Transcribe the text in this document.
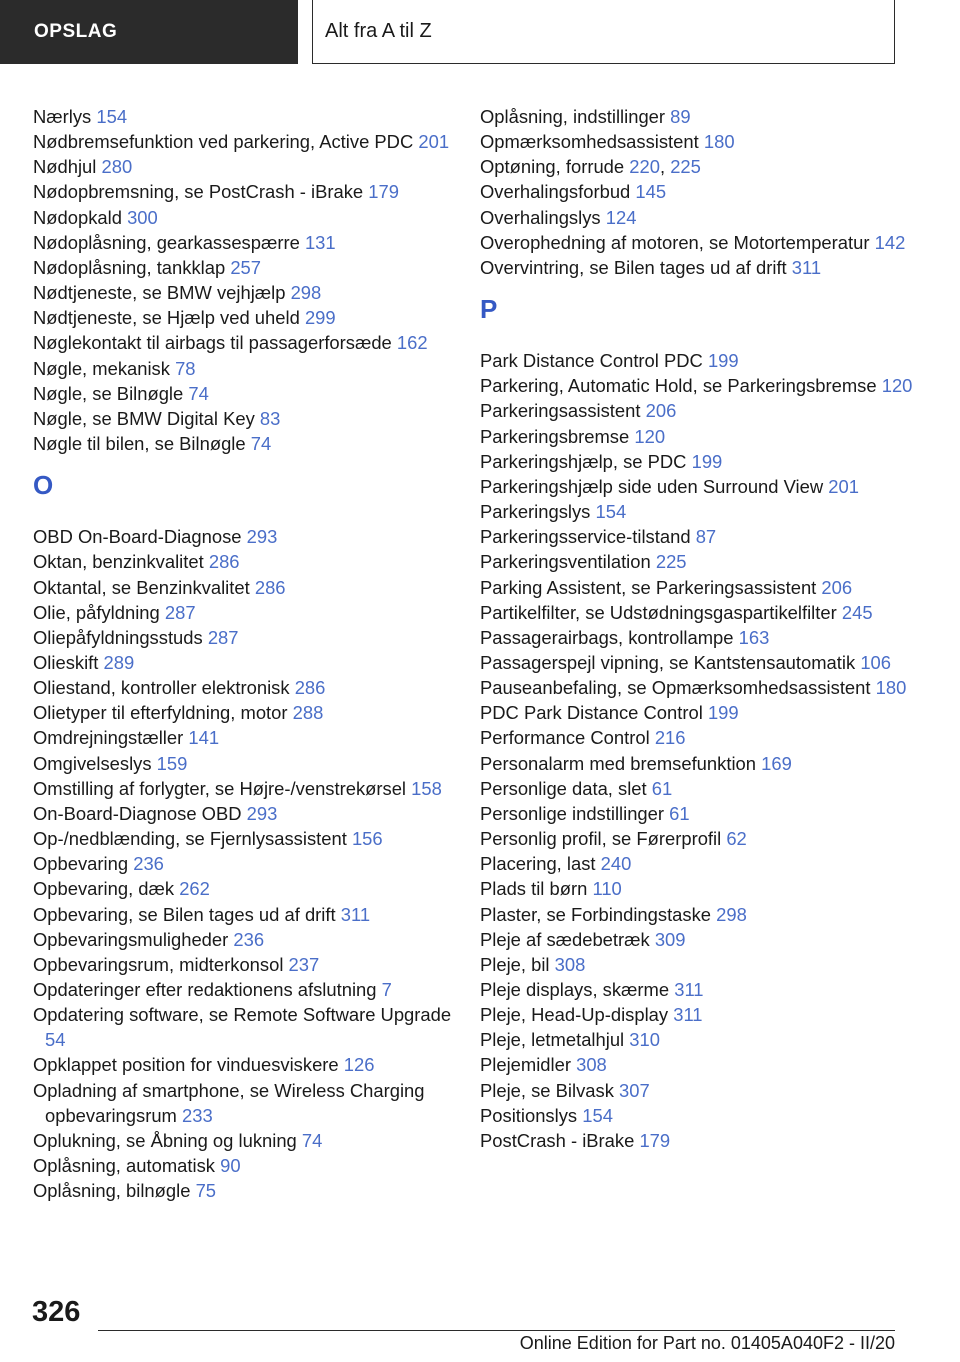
OPSLAG	Alt fra A til Z
Nærlys 154
Nødbremsefunktion ved parkering, Active PDC 201
Nødhjul 280
Nødopbremsning, se PostCrash - iBrake 179
Nødopkald 300
Nødoplåsning, gearkassespærre 131
Nødoplåsning, tankklap 257
Nødtjeneste, se BMW vejhjælp 298
Nødtjeneste, se Hjælp ved uheld 299
Nøglekontakt til airbags til passagerforsæde 162
Nøgle, mekanisk 78
Nøgle, se Bilnøgle 74
Nøgle, se BMW Digital Key 83
Nøgle til bilen, se Bilnøgle 74
O
OBD On-Board-Diagnose 293
Oktan, benzinkvalitet 286
Oktantal, se Benzinkvalitet 286
Olie, påfyldning 287
Oliepåfyldningsstuds 287
Olieskift 289
Oliestand, kontroller elektronisk 286
Olietyper til efterfyldning, motor 288
Omdrejningstæller 141
Omgivelseslys 159
Omstilling af forlygter, se Højre-/venstrekørsel 158
On-Board-Diagnose OBD 293
Op-/nedblænding, se Fjernlysassistent 156
Opbevaring 236
Opbevaring, dæk 262
Opbevaring, se Bilen tages ud af drift 311
Opbevaringsmuligheder 236
Opbevaringsrum, midterkonsol 237
Opdateringer efter redaktionens afslutning 7
Opdatering software, se Remote Software Upgrade 54
Opklappet position for vinduesviskere 126
Opladning af smartphone, se Wireless Charging opbevaringsrum 233
Oplukning, se Åbning og lukning 74
Oplåsning, automatisk 90
Oplåsning, bilnøgle 75
Oplåsning, indstillinger 89
Opmærksomhedsassistent 180
Optøning, forrude 220, 225
Overhalingsforbud 145
Overhalingslys 124
Overophedning af motoren, se Motortemperatur 142
Overvintring, se Bilen tages ud af drift 311
P
Park Distance Control PDC 199
Parkering, Automatic Hold, se Parkeringsbremse 120
Parkeringsassistent 206
Parkeringsbremse 120
Parkeringshjælp, se PDC 199
Parkeringshjælp side uden Surround View 201
Parkeringslys 154
Parkeringsservice-tilstand 87
Parkeringsventilation 225
Parking Assistent, se Parkeringsassistent 206
Partikelfilter, se Udstødningsgaspartikelfilter 245
Passagerairbags, kontrollampe 163
Passagerspejl vipning, se Kantstensautomatik 106
Pauseanbefaling, se Opmærksomhedsassistent 180
PDC Park Distance Control 199
Performance Control 216
Personalarm med bremsefunktion 169
Personlige data, slet 61
Personlige indstillinger 61
Personlig profil, se Førerprofil 62
Placering, last 240
Plads til børn 110
Plaster, se Forbindingstaske 298
Pleje af sædebetræk 309
Pleje, bil 308
Pleje displays, skærme 311
Pleje, Head-Up-display 311
Pleje, letmetalhjul 310
Plejemidler 308
Pleje, se Bilvask 307
Positionslys 154
PostCrash - iBrake 179
326
Online Edition for Part no. 01405A040F2 - II/20
